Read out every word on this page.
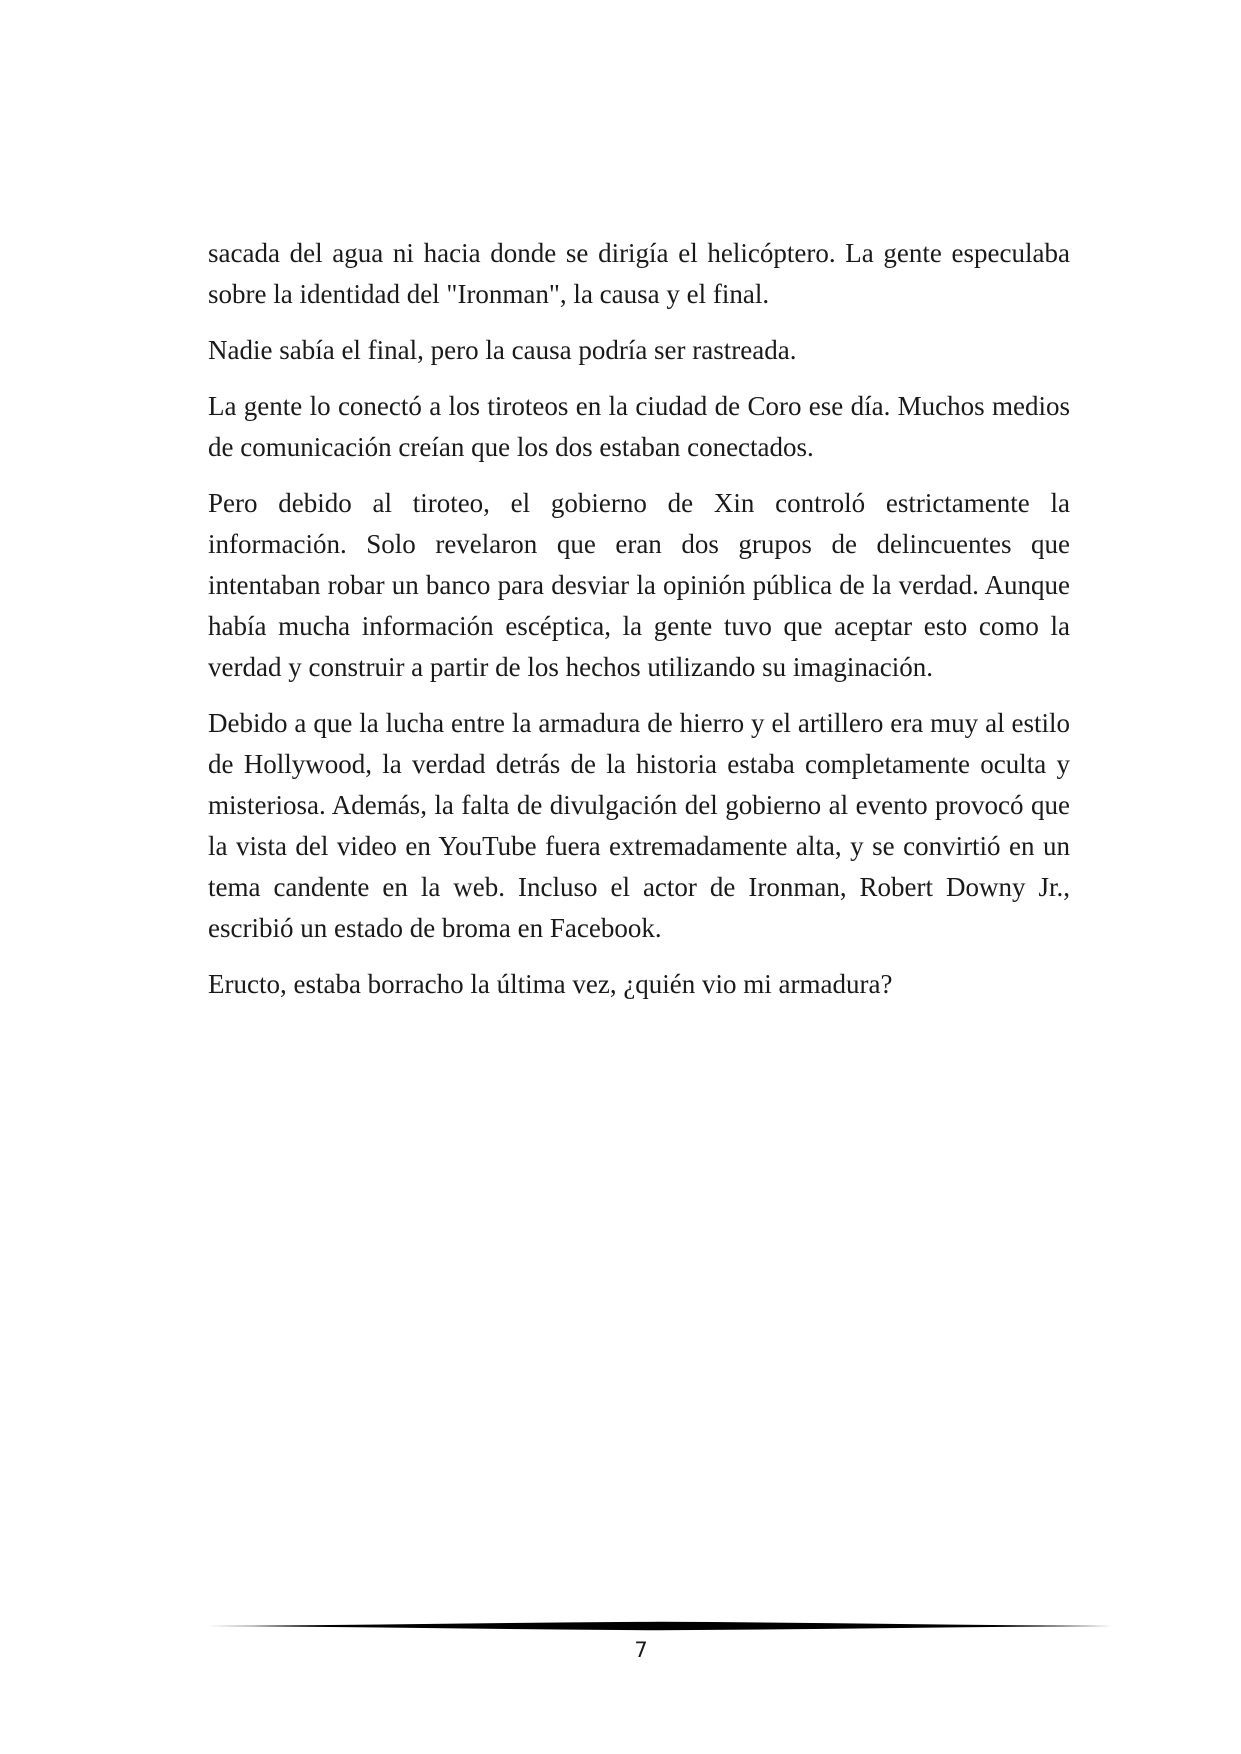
sacada del agua ni hacia donde se dirigía el helicóptero. La gente especulaba sobre la identidad del "Ironman", la causa y el final.

Nadie sabía el final, pero la causa podría ser rastreada.

La gente lo conectó a los tiroteos en la ciudad de Coro ese día. Muchos medios de comunicación creían que los dos estaban conectados.

Pero debido al tiroteo, el gobierno de Xin controló estrictamente la información. Solo revelaron que eran dos grupos de delincuentes que intentaban robar un banco para desviar la opinión pública de la verdad. Aunque había mucha información escéptica, la gente tuvo que aceptar esto como la verdad y construir a partir de los hechos utilizando su imaginación.

Debido a que la lucha entre la armadura de hierro y el artillero era muy al estilo de Hollywood, la verdad detrás de la historia estaba completamente oculta y misteriosa. Además, la falta de divulgación del gobierno al evento provocó que la vista del video en YouTube fuera extremadamente alta, y se convirtió en un tema candente en la web. Incluso el actor de Ironman, Robert Downy Jr., escribió un estado de broma en Facebook.

Eructo, estaba borracho la última vez, ¿quién vio mi armadura?

7
